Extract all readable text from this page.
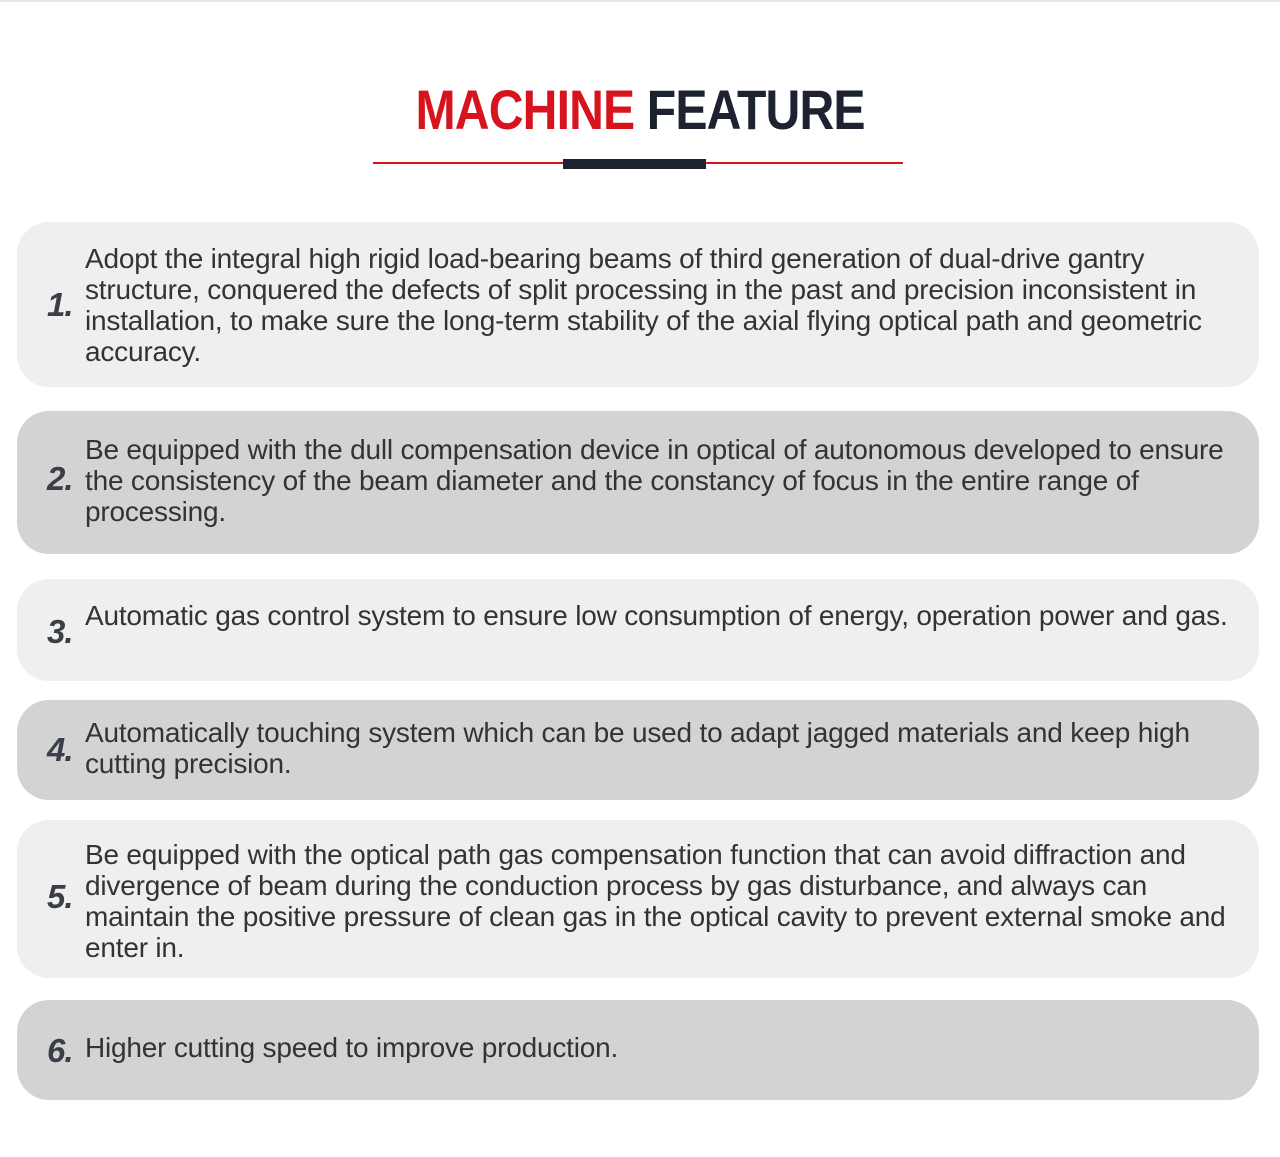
MACHINE FEATURE
1.
Adopt the integral high rigid load-bearing beams of third generation of dual-drive gantry structure, conquered the defects of split processing in the past and precision inconsistent in installation, to make sure the long-term stability of the axial flying optical path and geometric accuracy.
2.
Be equipped with the dull compensation device in optical of autonomous developed to ensure the consistency of the beam diameter and the constancy of focus in the entire range of processing.
3. Automatic gas control system to ensure low consumption of energy, operation power and gas.
4. Automatically touching system which can be used to adapt jagged materials and keep high cutting precision.
5.
Be equipped with the optical path gas compensation function that can avoid diffraction and divergence of beam during the conduction process by gas disturbance, and always can maintain the positive pressure of clean gas in the optical cavity to prevent external smoke and enter in.
6. Higher cutting speed to improve production.
